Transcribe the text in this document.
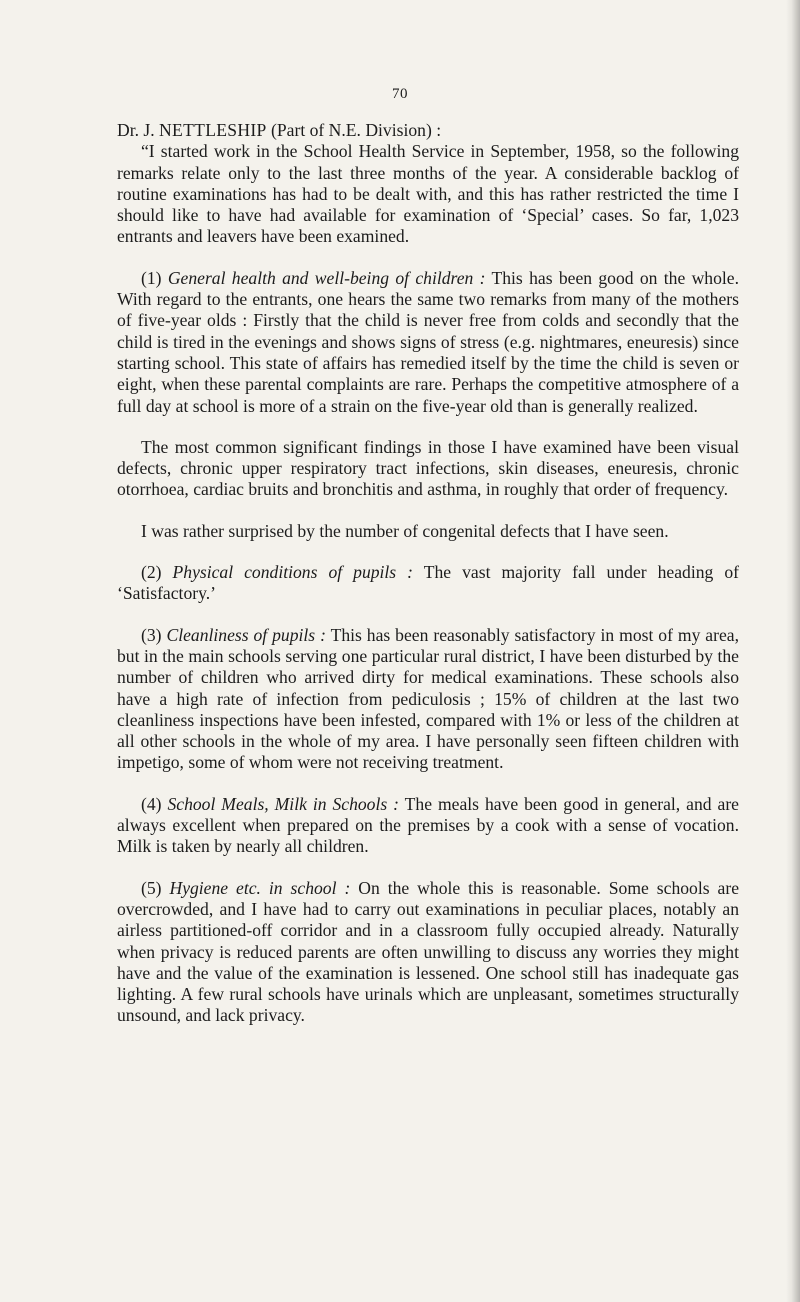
70
Dr. J. NETTLESHIP (Part of N.E. Division) :

“I started work in the School Health Service in September, 1958, so the following remarks relate only to the last three months of the year. A considerable backlog of routine examinations has had to be dealt with, and this has rather restricted the time I should like to have had available for examination of ‘Special’ cases. So far, 1,023 entrants and leavers have been examined.

(1) General health and well-being of children : This has been good on the whole. With regard to the entrants, one hears the same two remarks from many of the mothers of five-year olds : Firstly that the child is never free from colds and secondly that the child is tired in the evenings and shows signs of stress (e.g. nightmares, eneuresis) since starting school. This state of affairs has remedied itself by the time the child is seven or eight, when these parental complaints are rare. Perhaps the competitive atmosphere of a full day at school is more of a strain on the five-year old than is generally realized.

The most common significant findings in those I have examined have been visual defects, chronic upper respiratory tract infections, skin diseases, eneuresis, chronic otorrhoea, cardiac bruits and bronchitis and asthma, in roughly that order of frequency.

I was rather surprised by the number of congenital defects that I have seen.

(2) Physical conditions of pupils : The vast majority fall under heading of ‘Satisfactory.’

(3) Cleanliness of pupils : This has been reasonably satisfactory in most of my area, but in the main schools serving one particular rural district, I have been disturbed by the number of children who arrived dirty for medical examinations. These schools also have a high rate of infection from pediculosis ; 15% of children at the last two cleanliness inspections have been infested, compared with 1% or less of the children at all other schools in the whole of my area. I have personally seen fifteen children with impetigo, some of whom were not receiving treatment.

(4) School Meals, Milk in Schools : The meals have been good in general, and are always excellent when prepared on the premises by a cook with a sense of vocation. Milk is taken by nearly all children.

(5) Hygiene etc. in school : On the whole this is reasonable. Some schools are overcrowded, and I have had to carry out examinations in peculiar places, notably an airless partitioned-off corridor and in a classroom fully occupied already. Naturally when privacy is reduced parents are often unwilling to discuss any worries they might have and the value of the examination is lessened. One school still has inadequate gas lighting. A few rural schools have urinals which are unpleasant, sometimes structurally unsound, and lack privacy.
